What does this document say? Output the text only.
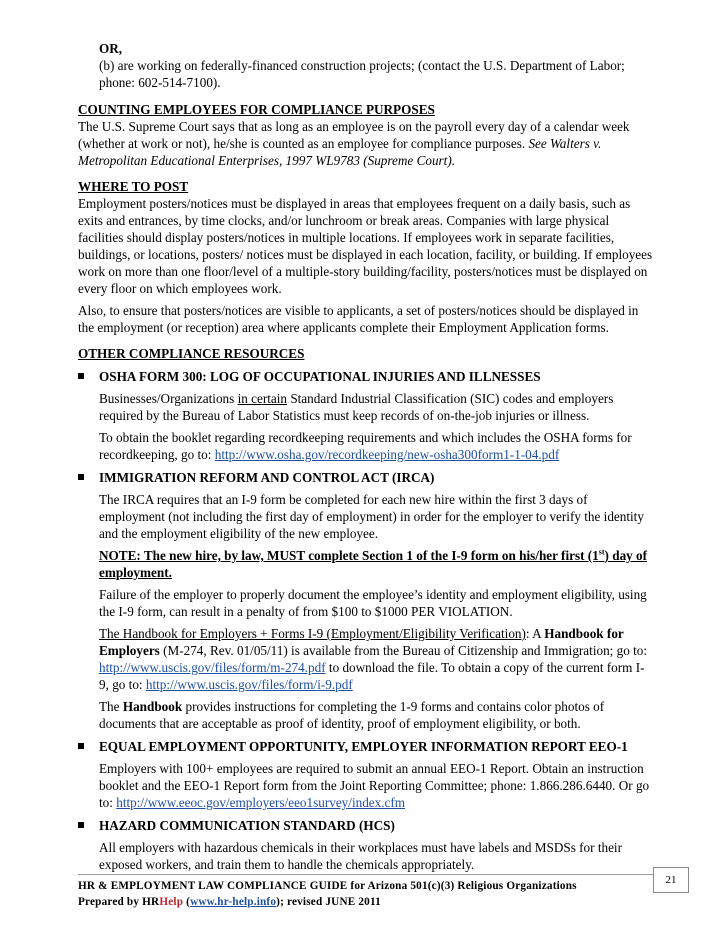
OR,

(b) are working on federally-financed construction projects; (contact the U.S. Department of Labor;
phone: 602-514-7100).

COUNTING EMPLOYEES FOR COMPLIANCE PURPOSES

The U.S. Supreme Court says that as long as an employee is on the payroll every day of a calendar week (whether at work or not), he/she is counted as an employee for compliance purposes. See Walters v. Metropolitan Educational Enterprises, 1997 WL9783 (Supreme Court).

WHERE TO POST

Employment posters/notices must be displayed in areas that employees frequent on a daily basis, such as exits and entrances, by time clocks, and/or lunchroom or break areas. Companies with large physical facilities should display posters/notices in multiple locations. If employees work in separate facilities, buildings, or locations, posters/ notices must be displayed in each location, facility, or building. If employees work on more than one floor/level of a multiple-story building/facility, posters/notices must be displayed on every floor on which employees work.

Also, to ensure that posters/notices are visible to applicants, a set of posters/notices should be displayed in the employment (or reception) area where applicants complete their Employment Application forms.

OTHER COMPLIANCE RESOURCES

OSHA FORM 300: LOG OF OCCUPATIONAL INJURIES AND ILLNESSES

Businesses/Organizations in certain Standard Industrial Classification (SIC) codes and employers required by the Bureau of Labor Statistics must keep records of on-the-job injuries or illness.

To obtain the booklet regarding recordkeeping requirements and which includes the OSHA forms for recordkeeping, go to: http://www.osha.gov/recordkeeping/new-osha300form1-1-04.pdf

IMMIGRATION REFORM AND CONTROL ACT (IRCA)

The IRCA requires that an I-9 form be completed for each new hire within the first 3 days of employment (not including the first day of employment) in order for the employer to verify the identity and the employment eligibility of the new employee.

NOTE: The new hire, by law, MUST complete Section 1 of the I-9 form on his/her first (1st) day of employment.

Failure of the employer to properly document the employee’s identity and employment eligibility, using the I-9 form, can result in a penalty of from $100 to $1000 PER VIOLATION.

The Handbook for Employers + Forms I-9 (Employment/Eligibility Verification): A Handbook for Employers (M-274, Rev. 01/05/11) is available from the Bureau of Citizenship and Immigration; go to: http://www.uscis.gov/files/form/m-274.pdf to download the file. To obtain a copy of the current form I-9, go to: http://www.uscis.gov/files/form/i-9.pdf

The Handbook provides instructions for completing the 1-9 forms and contains color photos of documents that are acceptable as proof of identity, proof of employment eligibility, or both.

EQUAL EMPLOYMENT OPPORTUNITY, EMPLOYER INFORMATION REPORT EEO-1

Employers with 100+ employees are required to submit an annual EEO-1 Report. Obtain an instruction booklet and the EEO-1 Report form from the Joint Reporting Committee; phone: 1.866.286.6440. Or go to: http://www.eeoc.gov/employers/eeo1survey/index.cfm

HAZARD COMMUNICATION STANDARD (HCS)

All employers with hazardous chemicals in their workplaces must have labels and MSDSs for their exposed workers, and train them to handle the chemicals appropriately.

21
HR & EMPLOYMENT LAW COMPLIANCE GUIDE for Arizona 501(c)(3) Religious Organizations
Prepared by HRHelp (www.hr-help.info); revised JUNE 2011
